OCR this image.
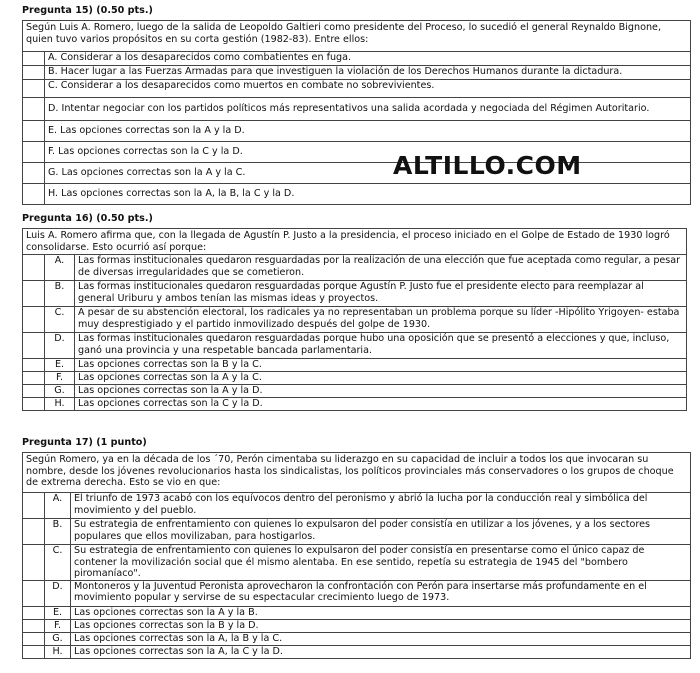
Pregunta 15) (0.50 pts.)
Según Luis A. Romero, luego de la salida de Leopoldo Galtieri como presidente del Proceso, lo sucedió el general Reynaldo Bignone, quien tuvo varios propósitos en su corta gestión (1982-83). Entre ellos:	
	A. Considerar a los desaparecidos como combatientes en fuga.
	B. Hacer lugar a las Fuerzas Armadas para que investiguen la violación de los Derechos Humanos durante la dictadura.
	C. Considerar a los desaparecidos como muertos en combate no sobrevivientes.
	D. Intentar negociar con los partidos políticos más representativos una salida acordada y negociada del Régimen Autoritario.
	E. Las opciones correctas son la A y la D.
	F. Las opciones correctas son la C y la D.
	G. Las opciones correctas son la A y la C.
	H. Las opciones correctas son la A, la B, la C y la D.
ALTILLO.COM
Pregunta 16) (0.50 pts.)
Luis A. Romero afirma que, con la llegada de Agustín P. Justo a la presidencia, el proceso iniciado en el Golpe de Estado de 1930 logró consolidarse. Esto ocurrió así porque:		
	A.	Las formas institucionales quedaron resguardadas por la realización de una elección que fue aceptada como regular, a pesar de diversas irregularidades que se cometieron.
	B.	Las formas institucionales quedaron resguardadas porque Agustín P. Justo fue el presidente electo para reemplazar al general Uriburu y ambos tenían las mismas ideas y proyectos.
	C.	A pesar de su abstención electoral, los radicales ya no representaban un problema porque su líder -Hipólito Yrigoyen- estaba muy desprestigiado y el partido inmovilizado después del golpe de 1930.
	D.	Las formas institucionales quedaron resguardadas porque hubo una oposición que se presentó a elecciones y que, incluso, ganó una provincia y una respetable bancada parlamentaria.
	E.	Las opciones correctas son la B y la C.
	F.	Las opciones correctas son la A y la C.
	G.	Las opciones correctas son la A y la D.
	H.	Las opciones correctas son la C y la D.
Pregunta 17) (1 punto)
Según Romero, ya en la década de los ´70, Perón cimentaba su liderazgo en su capacidad de incluir a todos los que invocaran su nombre, desde los jóvenes revolucionarios hasta los sindicalistas, los políticos provinciales más conservadores o los grupos de choque de extrema derecha. Esto se vio en que:		
	A.	El triunfo de 1973 acabó con los equívocos dentro del peronismo y abrió la lucha por la conducción real y simbólica del movimiento y del pueblo.
	B.	Su estrategia de enfrentamiento con quienes lo expulsaron del poder consistía en utilizar a los jóvenes, y a los sectores populares que ellos movilizaban, para hostigarlos.
	C.	Su estrategia de enfrentamiento con quienes lo expulsaron del poder consistía en presentarse como el único capaz de contener la movilización social que él mismo alentaba. En ese sentido, repetía su estrategia de 1945 del "bombero piromaníaco".
	D.	Montoneros y la Juventud Peronista aprovecharon la confrontación con Perón para insertarse más profundamente en el movimiento popular y servirse de su espectacular crecimiento luego de 1973.
	E.	Las opciones correctas son la A y la B.
	F.	Las opciones correctas son la B y la D.
	G.	Las opciones correctas son la A, la B y la C.
	H.	Las opciones correctas son la A, la C y la D.
